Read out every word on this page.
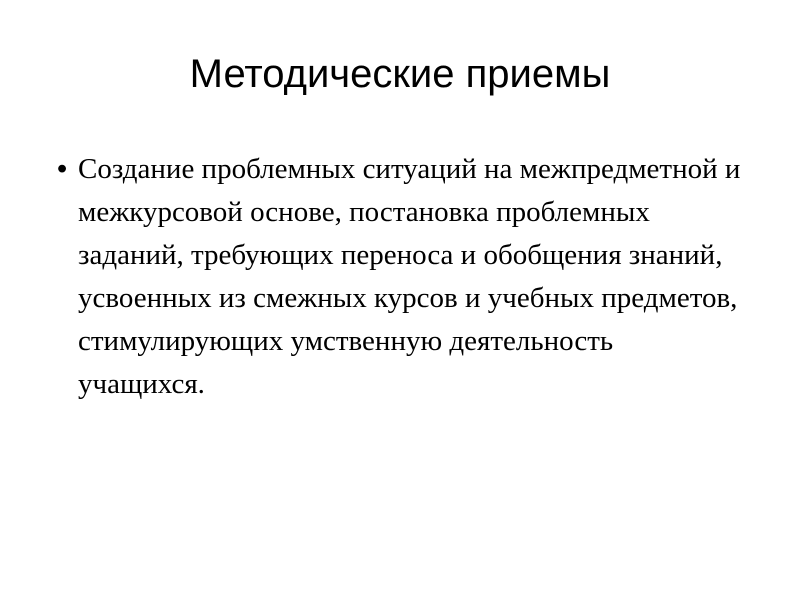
Методические приемы
• Создание проблемных ситуаций на межпредметной и межкурсовой основе, постановка проблемных заданий, требующих переноса и обобщения знаний, усвоенных из смежных курсов и учебных предметов, стимулирующих умственную деятельность учащихся.
